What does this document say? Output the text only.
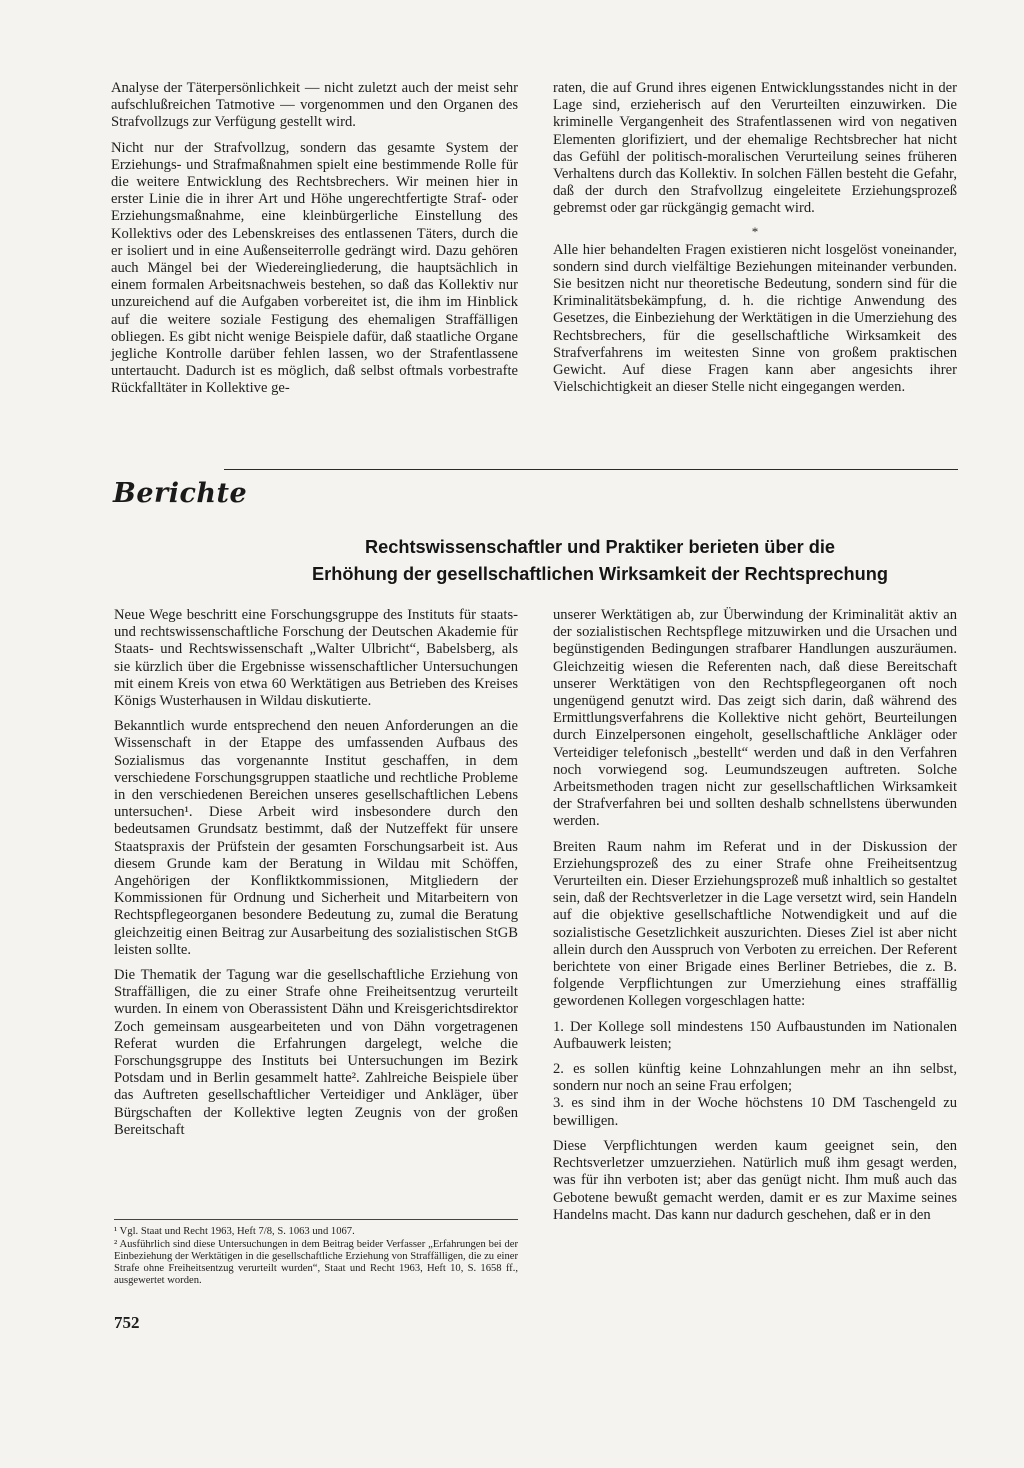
Analyse der Täterpersönlichkeit — nicht zuletzt auch der meist sehr aufschlußreichen Tatmotive — vorgenommen und den Organen des Strafvollzugs zur Verfügung gestellt wird.

Nicht nur der Strafvollzug, sondern das gesamte System der Erziehungs- und Strafmaßnahmen spielt eine bestimmende Rolle für die weitere Entwicklung des Rechtsbrechers. Wir meinen hier in erster Linie die in ihrer Art und Höhe ungerechtfertigte Straf- oder Erziehungsmaßnahme, eine kleinbürgerliche Einstellung des Kollektivs oder des Lebenskreises des entlassenen Täters, durch die er isoliert und in eine Außenseiterrolle gedrängt wird. Dazu gehören auch Mängel bei der Wiedereingliederung, die hauptsächlich in einem formalen Arbeitsnachweis bestehen, so daß das Kollektiv nur unzureichend auf die Aufgaben vorbereitet ist, die ihm im Hinblick auf die weitere soziale Festigung des ehemaligen Straffälligen obliegen. Es gibt nicht wenige Beispiele dafür, daß staatliche Organe jegliche Kontrolle darüber fehlen lassen, wo der Strafentlassene untertaucht. Dadurch ist es möglich, daß selbst oftmals vorbestrafte Rückfalltäter in Kollektive ge-

raten, die auf Grund ihres eigenen Entwicklungsstandes nicht in der Lage sind, erzieherisch auf den Verurteilten einzuwirken. Die kriminelle Vergangenheit des Strafentlassenen wird von negativen Elementen glorifiziert, und der ehemalige Rechtsbrecher hat nicht das Gefühl der politisch-moralischen Verurteilung seines früheren Verhaltens durch das Kollektiv. In solchen Fällen besteht die Gefahr, daß der durch den Strafvollzug eingeleitete Erziehungsprozeß gebremst oder gar rückgängig gemacht wird.

*

Alle hier behandelten Fragen existieren nicht losgelöst voneinander, sondern sind durch vielfältige Beziehungen miteinander verbunden. Sie besitzen nicht nur theoretische Bedeutung, sondern sind für die Kriminalitätsbekämpfung, d. h. die richtige Anwendung des Gesetzes, die Einbeziehung der Werktätigen in die Umerziehung des Rechtsbrechers, für die gesellschaftliche Wirksamkeit des Strafverfahrens im weitesten Sinne von großem praktischen Gewicht. Auf diese Fragen kann aber angesichts ihrer Vielschichtigkeit an dieser Stelle nicht eingegangen werden.

Berichte
Rechtswissenschaftler und Praktiker berieten über die
Erhöhung der gesellschaftlichen Wirksamkeit der Rechtsprechung

Neue Wege beschritt eine Forschungsgruppe des Instituts für staats- und rechtswissenschaftliche Forschung der Deutschen Akademie für Staats- und Rechtswissenschaft „Walter Ulbricht“, Babelsberg, als sie kürzlich über die Ergebnisse wissenschaftlicher Untersuchungen mit einem Kreis von etwa 60 Werktätigen aus Betrieben des Kreises Königs Wusterhausen in Wildau diskutierte.

Bekanntlich wurde entsprechend den neuen Anforderungen an die Wissenschaft in der Etappe des umfassenden Aufbaus des Sozialismus das vorgenannte Institut geschaffen, in dem verschiedene Forschungsgruppen staatliche und rechtliche Probleme in den verschiedenen Bereichen unseres gesellschaftlichen Lebens untersuchen¹. Diese Arbeit wird insbesondere durch den bedeutsamen Grundsatz bestimmt, daß der Nutzeffekt für unsere Staatspraxis der Prüfstein der gesamten Forschungsarbeit ist. Aus diesem Grunde kam der Beratung in Wildau mit Schöffen, Angehörigen der Konfliktkommissionen, Mitgliedern der Kommissionen für Ordnung und Sicherheit und Mitarbeitern von Rechtspflegeorganen besondere Bedeutung zu, zumal die Beratung gleichzeitig einen Beitrag zur Ausarbeitung des sozialistischen StGB leisten sollte.

Die Thematik der Tagung war die gesellschaftliche Erziehung von Straffälligen, die zu einer Strafe ohne Freiheitsentzug verurteilt wurden. In einem von Oberassistent Dähn und Kreisgerichtsdirektor Zoch gemeinsam ausgearbeiteten und von Dähn vorgetragenen Referat wurden die Erfahrungen dargelegt, welche die Forschungsgruppe des Instituts bei Untersuchungen im Bezirk Potsdam und in Berlin gesammelt hatte². Zahlreiche Beispiele über das Auftreten gesellschaftlicher Verteidiger und Ankläger, über Bürgschaften der Kollektive legten Zeugnis von der großen Bereitschaft

unserer Werktätigen ab, zur Überwindung der Kriminalität aktiv an der sozialistischen Rechtspflege mitzuwirken und die Ursachen und begünstigenden Bedingungen strafbarer Handlungen auszuräumen. Gleichzeitig wiesen die Referenten nach, daß diese Bereitschaft unserer Werktätigen von den Rechtspflegeorganen oft noch ungenügend genutzt wird. Das zeigt sich darin, daß während des Ermittlungsverfahrens die Kollektive nicht gehört, Beurteilungen durch Einzelpersonen eingeholt, gesellschaftliche Ankläger oder Verteidiger telefonisch „bestellt“ werden und daß in den Verfahren noch vorwiegend sog. Leumundszeugen auftreten. Solche Arbeitsmethoden tragen nicht zur gesellschaftlichen Wirksamkeit der Strafverfahren bei und sollten deshalb schnellstens überwunden werden.

Breiten Raum nahm im Referat und in der Diskussion der Erziehungsprozeß des zu einer Strafe ohne Freiheitsentzug Verurteilten ein. Dieser Erziehungsprozeß muß inhaltlich so gestaltet sein, daß der Rechtsverletzer in die Lage versetzt wird, sein Handeln auf die objektive gesellschaftliche Notwendigkeit und auf die sozialistische Gesetzlichkeit auszurichten. Dieses Ziel ist aber nicht allein durch den Ausspruch von Verboten zu erreichen. Der Referent berichtete von einer Brigade eines Berliner Betriebes, die z. B. folgende Verpflichtungen zur Umerziehung eines straffällig gewordenen Kollegen vorgeschlagen hatte:

1. Der Kollege soll mindestens 150 Aufbaustunden im Nationalen Aufbauwerk leisten;

2. es sollen künftig keine Lohnzahlungen mehr an ihn selbst, sondern nur noch an seine Frau erfolgen;

3. es sind ihm in der Woche höchstens 10 DM Taschengeld zu bewilligen.

Diese Verpflichtungen werden kaum geeignet sein, den Rechtsverletzer umzuerziehen. Natürlich muß ihm gesagt werden, was für ihn verboten ist; aber das genügt nicht. Ihm muß auch das Gebotene bewußt gemacht werden, damit er es zur Maxime seines Handelns macht. Das kann nur dadurch geschehen, daß er in den

¹ Vgl. Staat und Recht 1963, Heft 7/8, S. 1063 und 1067.

² Ausführlich sind diese Untersuchungen in dem Beitrag beider Verfasser „Erfahrungen bei der Einbeziehung der Werktätigen in die gesellschaftliche Erziehung von Straffälligen, die zu einer Strafe ohne Freiheitsentzug verurteilt wurden“, Staat und Recht 1963, Heft 10, S. 1658 ff., ausgewertet worden.

752
